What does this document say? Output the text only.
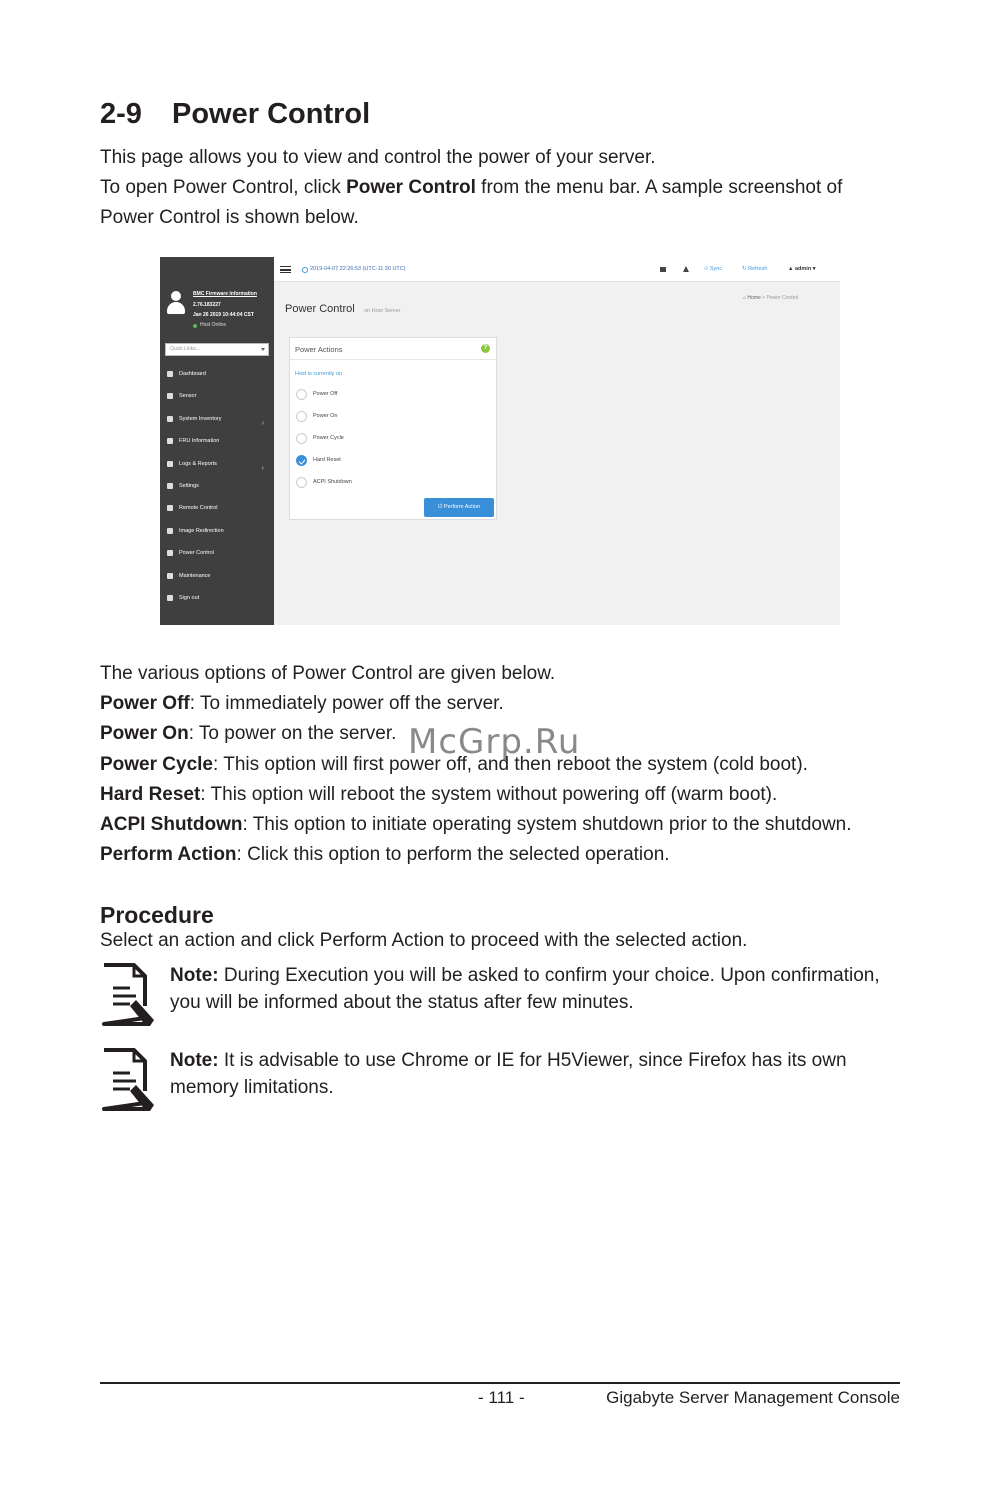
2-9 Power Control

This page allows you to view and control the power of your server.

To open Power Control, click Power Control from the menu bar. A sample screenshot of Power Control is shown below.

BMC Firmware Information
2.76.183227
Jan 26 2019 10:44:04 CST
Host Online
Quick Links...
Dashboard
Sensor
System Inventory
›
FRU Information
Logs & Reports
›
Settings
Remote Control
Image Redirection
Power Control
Maintenance
Sign out
2019-04-07 22:26:53 (UTC-11:30 UTC)	⟐ Sync	↻ Refresh	▲ admin ▾
Power Control on Host Server
⌂ Home > Power Control
Power Actions	?
Host is currently on
Power Off
Power On
Power Cycle
Hard Reset
ACPI Shutdown
⏻ Perform Action

The various options of Power Control are given below.

Power Off: To immediately power off the server.

Power On: To power on the server.

Power Cycle: This option will first power off, and then reboot the system (cold boot).

Hard Reset: This option will reboot the system without powering off (warm boot).

ACPI Shutdown: This option to initiate operating system shutdown prior to the shutdown.

Perform Action: Click this option to perform the selected operation.

McGrp.Ru
Procedure
Select an action and click Perform Action to proceed with the selected action.
Note: During Execution you will be asked to confirm your choice. Upon confirmation, you will be informed about the status after few minutes.
Note: It is advisable to use Chrome or IE for H5Viewer, since Firefox has its own memory limitations.
- 111 -	Gigabyte Server Management Console
